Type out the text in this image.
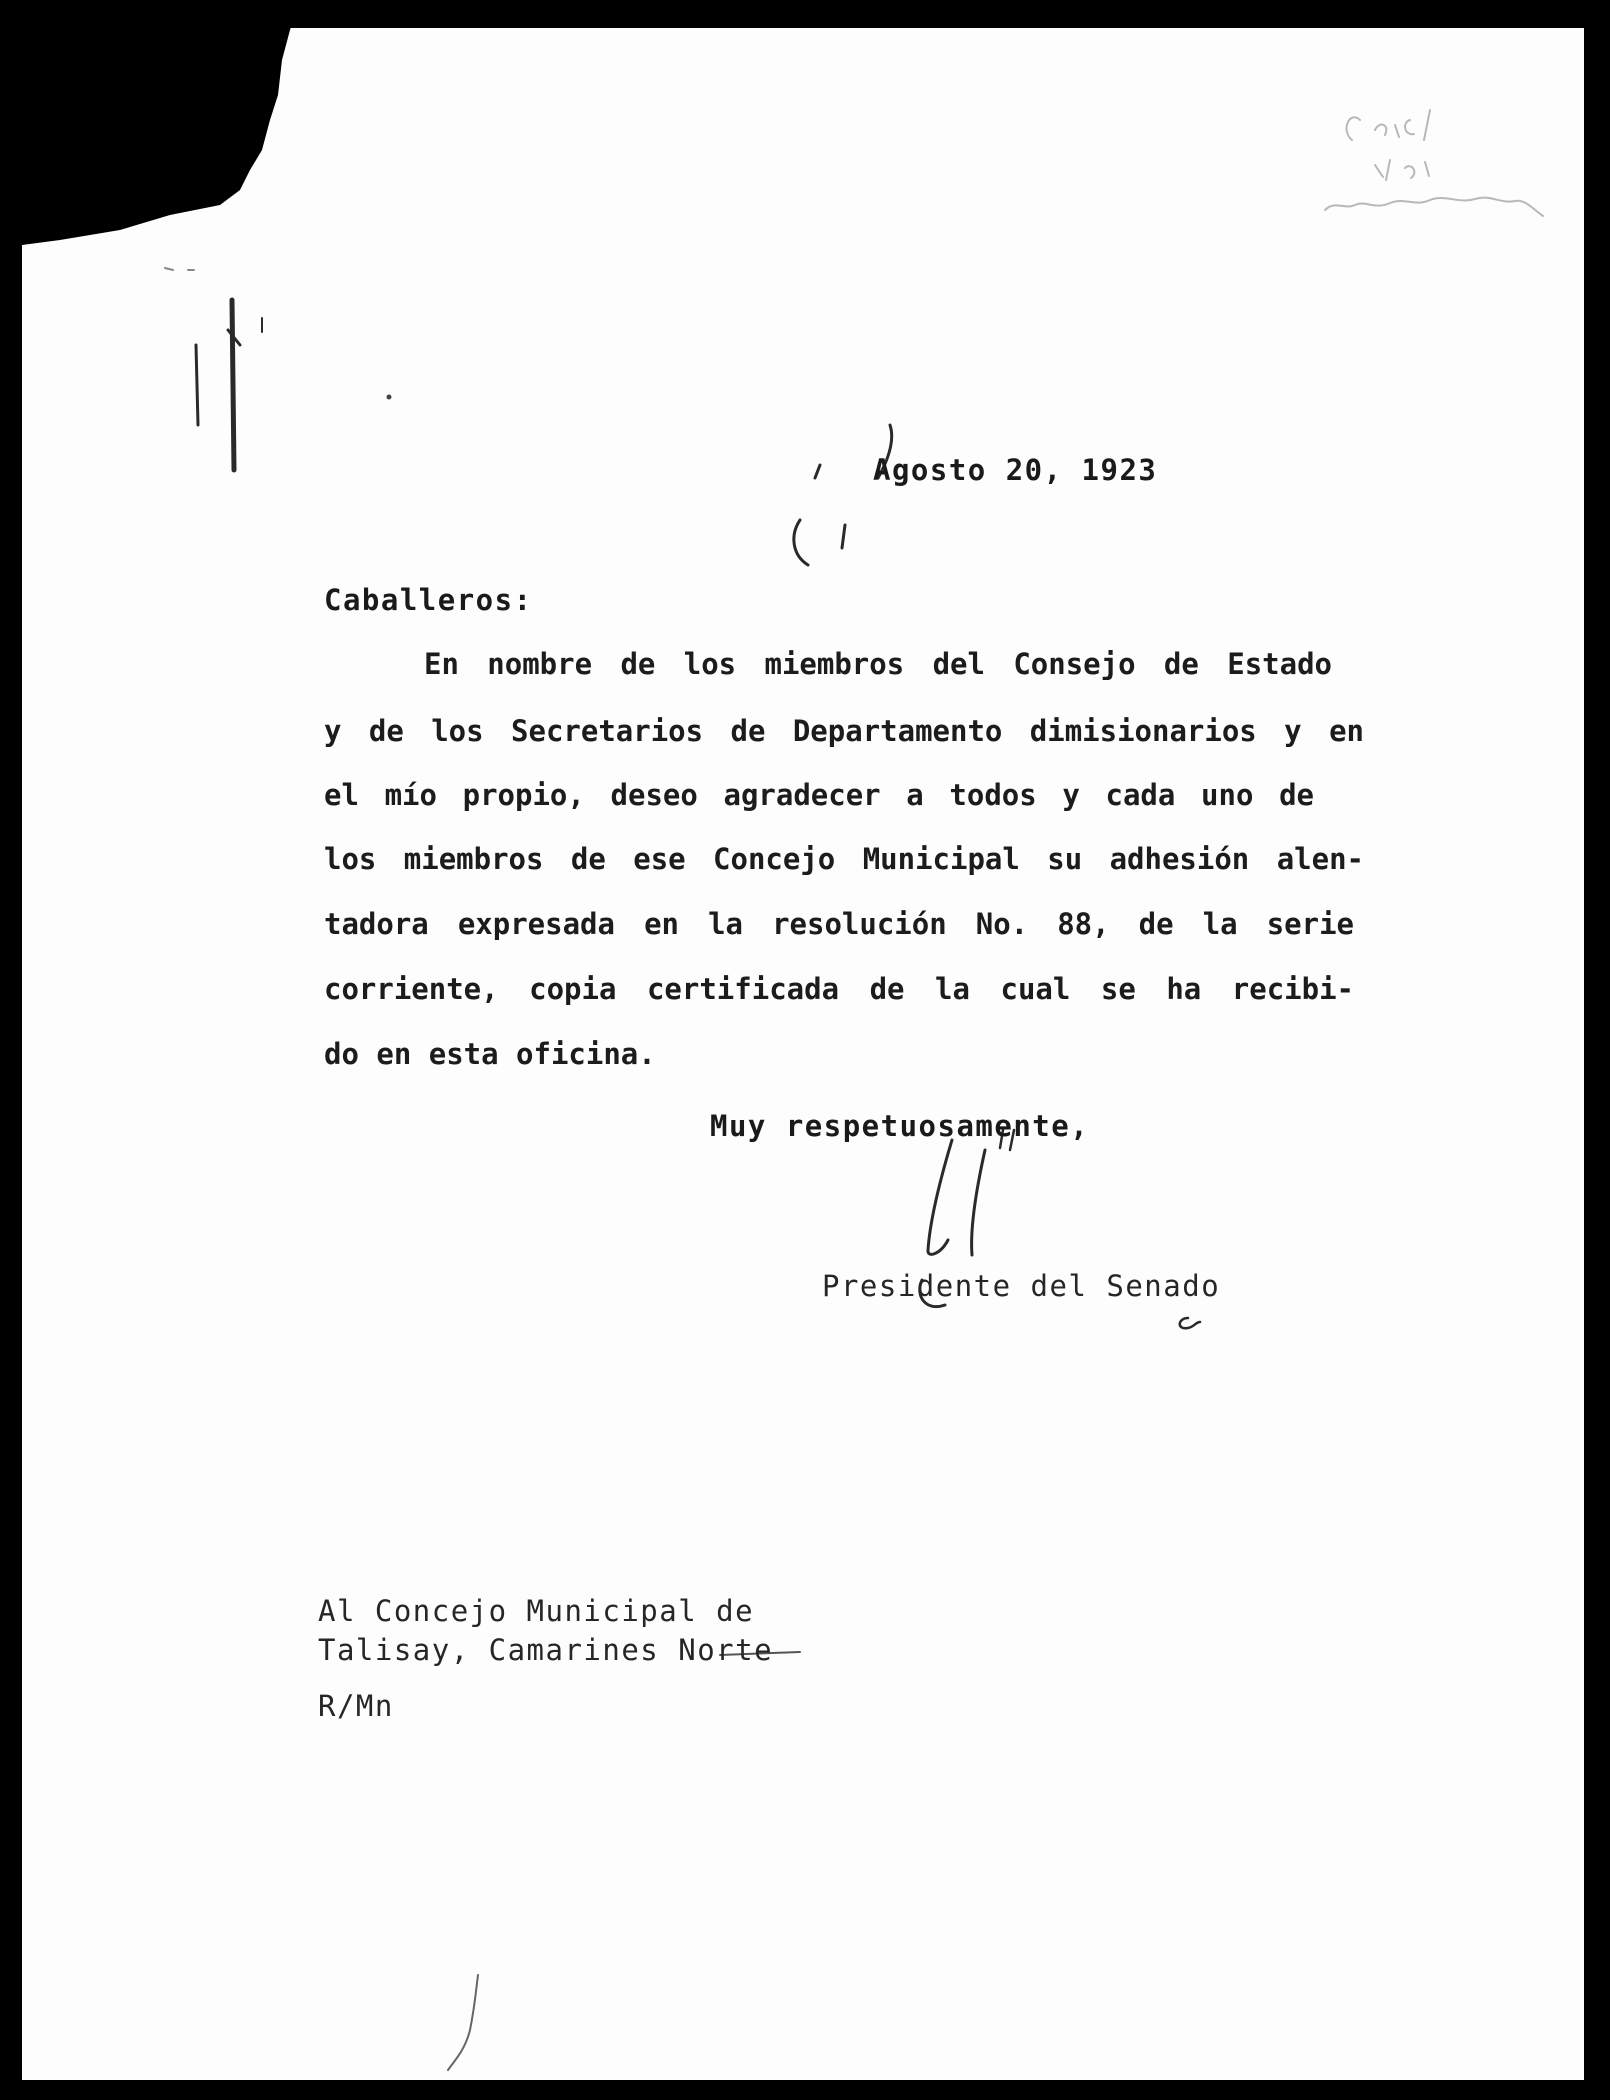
Agosto 20, 1923
Caballeros:
En nombre de los miembros del Consejo de Estado
y de los Secretarios de Departamento dimisionarios y en
el mío propio, deseo agradecer a todos y cada uno de
los miembros de ese Concejo Municipal su adhesión alen-
tadora expresada en la resolución No. 88, de la serie
corriente, copia certificada de la cual se ha recibi-
do en esta oficina.
Muy respetuosamente,
Presidente del Senado
Al Concejo Municipal de
Talisay, Camarines Norte
R/Mn
